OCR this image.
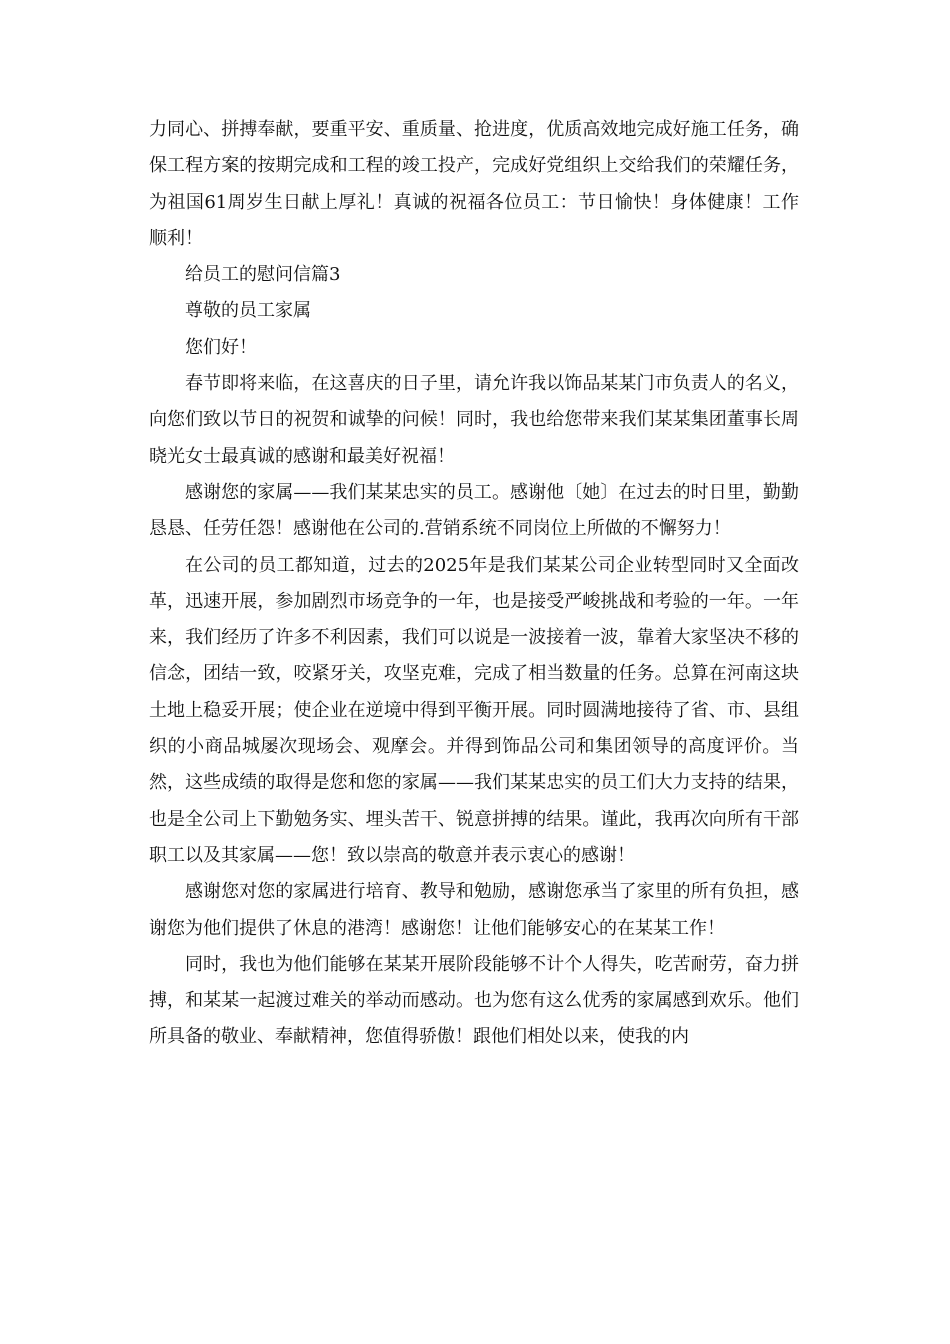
力同心、拼搏奉献，要重平安、重质量、抢进度，优质高效地完成好施工任务，确保工程方案的按期完成和工程的竣工投产，完成好党组织上交给我们的荣耀任务，为祖国61周岁生日献上厚礼！真诚的祝福各位员工：节日愉快！身体健康！工作顺利！

给员工的慰问信篇3

尊敬的员工家属

您们好！

春节即将来临，在这喜庆的日子里，请允许我以饰品某某门市负责人的名义，向您们致以节日的祝贺和诚挚的问候！同时，我也给您带来我们某某集团董事长周晓光女士最真诚的感谢和最美好祝福！

感谢您的家属——我们某某忠实的员工。感谢他〔她〕在过去的时日里，勤勤恳恳、任劳任怨！感谢他在公司的.营销系统不同岗位上所做的不懈努力！

在公司的员工都知道，过去的2025年是我们某某公司企业转型同时又全面改革，迅速开展，参加剧烈市场竞争的一年，也是接受严峻挑战和考验的一年。一年来，我们经历了许多不利因素，我们可以说是一波接着一波，靠着大家坚决不移的信念，团结一致，咬紧牙关，攻坚克难，完成了相当数量的任务。总算在河南这块土地上稳妥开展；使企业在逆境中得到平衡开展。同时圆满地接待了省、市、县组织的小商品城屡次现场会、观摩会。并得到饰品公司和集团领导的高度评价。当然，这些成绩的取得是您和您的家属——我们某某忠实的员工们大力支持的结果，也是全公司上下勤勉务实、埋头苦干、锐意拼搏的结果。谨此，我再次向所有干部职工以及其家属——您！致以崇高的敬意并表示衷心的感谢！

感谢您对您的家属进行培育、教导和勉励，感谢您承当了家里的所有负担，感谢您为他们提供了休息的港湾！感谢您！让他们能够安心的在某某工作！

同时，我也为他们能够在某某开展阶段能够不计个人得失，吃苦耐劳，奋力拼搏，和某某一起渡过难关的举动而感动。也为您有这么优秀的家属感到欢乐。他们所具备的敬业、奉献精神，您值得骄傲！跟他们相处以来，使我的内
